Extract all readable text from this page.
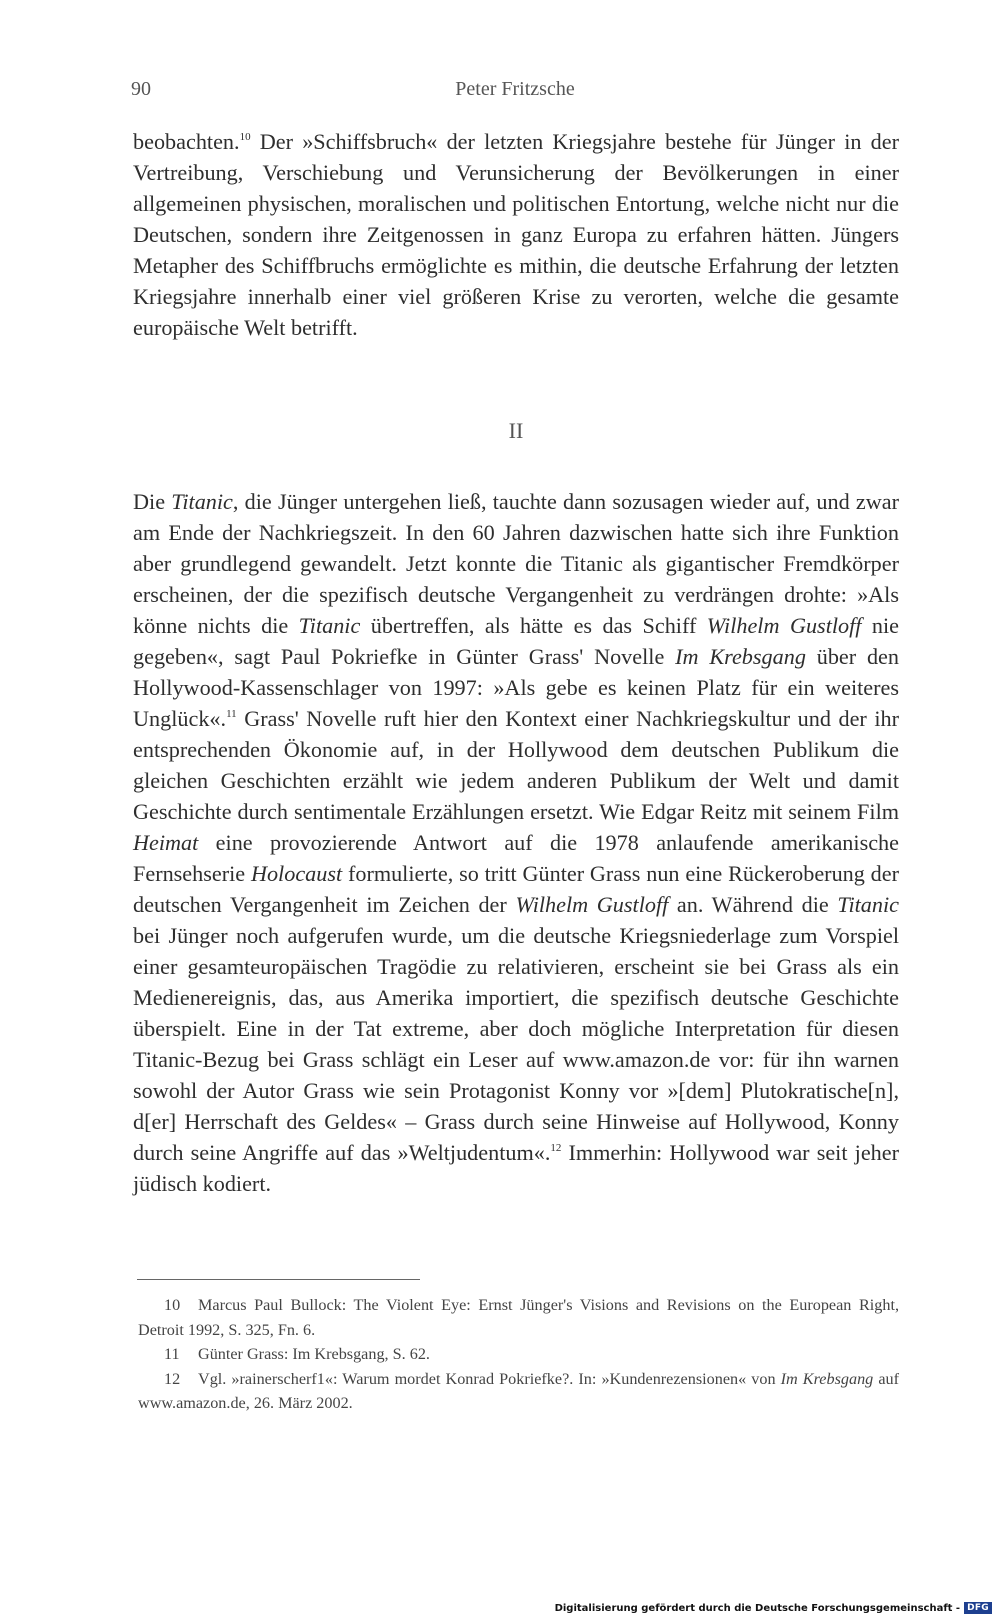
90	Peter Fritzsche

beobachten.$^{10}$ Der »Schiffsbruch« der letzten Kriegsjahre bestehe für Jünger in der Vertreibung, Verschiebung und Verunsicherung der Bevölkerungen in einer allgemeinen physischen, moralischen und politischen Entortung, welche nicht nur die Deutschen, sondern ihre Zeitgenossen in ganz Europa zu erfahren hätten. Jüngers Metapher des Schiffbruchs ermöglichte es mithin, die deutsche Erfahrung der letzten Kriegsjahre innerhalb einer viel größeren Krise zu verorten, welche die gesamte europäische Welt betrifft.

II

Die Titanic, die Jünger untergehen ließ, tauchte dann sozusagen wieder auf, und zwar am Ende der Nachkriegszeit. In den 60 Jahren dazwischen hatte sich ihre Funktion aber grundlegend gewandelt. Jetzt konnte die Titanic als gigantischer Fremdkörper erscheinen, der die spezifisch deutsche Vergangenheit zu verdrängen drohte: »Als könne nichts die Titanic übertreffen, als hätte es das Schiff Wilhelm Gustloff nie gegeben«, sagt Paul Pokriefke in Günter Grass' Novelle Im Krebsgang über den Hollywood-Kassenschlager von 1997: »Als gebe es keinen Platz für ein weiteres Unglück«.$^{11}$ Grass' Novelle ruft hier den Kontext einer Nachkriegskultur und der ihr entsprechenden Ökonomie auf, in der Hollywood dem deutschen Publikum die gleichen Geschichten erzählt wie jedem anderen Publikum der Welt und damit Geschichte durch sentimentale Erzählungen ersetzt. Wie Edgar Reitz mit seinem Film Heimat eine provozierende Antwort auf die 1978 anlaufende amerikanische Fernsehserie Holocaust formulierte, so tritt Günter Grass nun eine Rückeroberung der deutschen Vergangenheit im Zeichen der Wilhelm Gustloff an. Während die Titanic bei Jünger noch aufgerufen wurde, um die deutsche Kriegsniederlage zum Vorspiel einer gesamteuropäischen Tragödie zu relativieren, erscheint sie bei Grass als ein Medienereignis, das, aus Amerika importiert, die spezifisch deutsche Geschichte überspielt. Eine in der Tat extreme, aber doch mögliche Interpretation für diesen Titanic-Bezug bei Grass schlägt ein Leser auf www.amazon.de vor: für ihn warnen sowohl der Autor Grass wie sein Protagonist Konny vor »[dem] Plutokratische[n], d[er] Herrschaft des Geldes« – Grass durch seine Hinweise auf Hollywood, Konny durch seine Angriffe auf das »Weltjudentum«.$^{12}$ Immerhin: Hollywood war seit jeher jüdisch kodiert.

10 Marcus Paul Bullock: The Violent Eye: Ernst Jünger's Visions and Revisions on the European Right, Detroit 1992, S. 325, Fn. 6.

11 Günter Grass: Im Krebsgang, S. 62.

12 Vgl. »rainerscherf1«: Warum mordet Konrad Pokriefke?. In: »Kundenrezensionen« von Im Krebsgang auf www.amazon.de, 26. März 2002.

Digitalisierung gefördert durch die Deutsche Forschungsgemeinschaft - DFG
